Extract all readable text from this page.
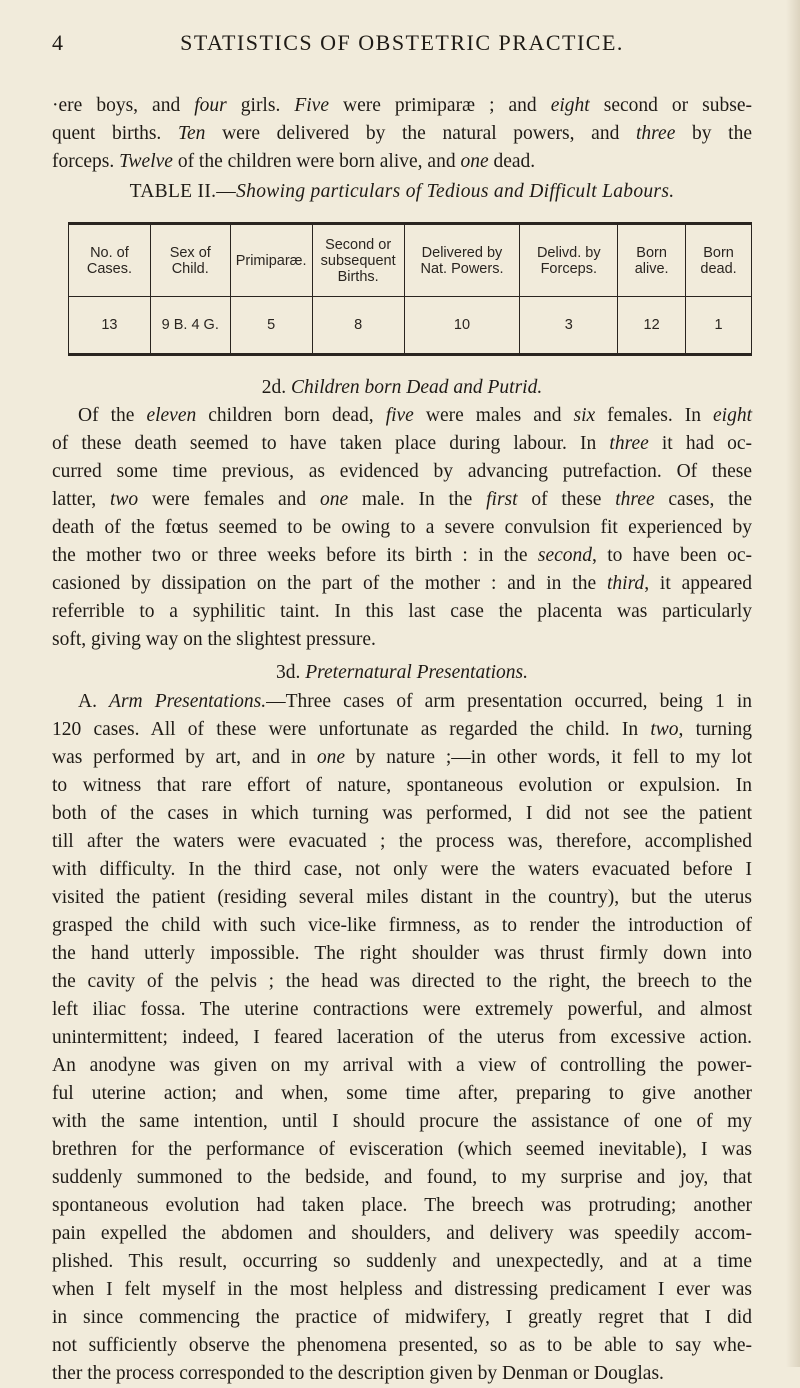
4	STATISTICS OF OBSTETRIC PRACTICE.

·ere boys, and four girls. Five were primiparæ ; and eight second or subse-

quent births. Ten were delivered by the natural powers, and three by the

forceps. Twelve of the children were born alive, and one dead.

TABLE II.—Showing particulars of Tedious and Difficult Labours.
No. of Cases.	Sex of Child.	Primiparæ.	Second or subsequent Births.	Delivered by Nat. Powers.	Delivd. by Forceps.	Born alive.	Born dead.
13	9 B. 4 G.	5	8	10	3	12	1
2d. Children born Dead and Putrid.

Of the eleven children born dead, five were males and six females. In eight

of these death seemed to have taken place during labour. In three it had oc-

curred some time previous, as evidenced by advancing putrefaction. Of these

latter, two were females and one male. In the first of these three cases, the

death of the fœtus seemed to be owing to a severe convulsion fit experienced by

the mother two or three weeks before its birth : in the second, to have been oc-

casioned by dissipation on the part of the mother : and in the third, it appeared

referrible to a syphilitic taint. In this last case the placenta was particularly

soft, giving way on the slightest pressure.

3d. Preternatural Presentations.

A. Arm Presentations.—Three cases of arm presentation occurred, being 1 in

120 cases. All of these were unfortunate as regarded the child. In two, turning

was performed by art, and in one by nature ;—in other words, it fell to my lot

to witness that rare effort of nature, spontaneous evolution or expulsion. In

both of the cases in which turning was performed, I did not see the patient

till after the waters were evacuated ; the process was, therefore, accomplished

with difficulty. In the third case, not only were the waters evacuated before I

visited the patient (residing several miles distant in the country), but the uterus

grasped the child with such vice-like firmness, as to render the introduction of

the hand utterly impossible. The right shoulder was thrust firmly down into

the cavity of the pelvis ; the head was directed to the right, the breech to the

left iliac fossa. The uterine contractions were extremely powerful, and almost

unintermittent; indeed, I feared laceration of the uterus from excessive action.

An anodyne was given on my arrival with a view of controlling the power-

ful uterine action; and when, some time after, preparing to give another

with the same intention, until I should procure the assistance of one of my

brethren for the performance of evisceration (which seemed inevitable), I was

suddenly summoned to the bedside, and found, to my surprise and joy, that

spontaneous evolution had taken place. The breech was protruding; another

pain expelled the abdomen and shoulders, and delivery was speedily accom-

plished. This result, occurring so suddenly and unexpectedly, and at a time

when I felt myself in the most helpless and distressing predicament I ever was

in since commencing the practice of midwifery, I greatly regret that I did

not sufficiently observe the phenomena presented, so as to be able to say whe-

ther the process corresponded to the description given by Denman or Douglas.
